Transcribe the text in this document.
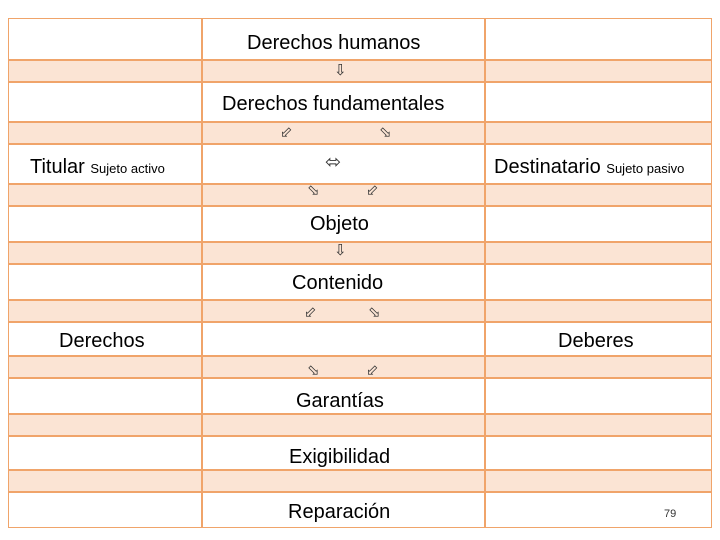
Derechos humanos
⇩
Derechos fundamentales
⬃	⬂
Titular Sujeto activo	⬄	Destinatario Sujeto pasivo
⬂	⬃
Objeto
⇩
Contenido
⬃	⬂
Derechos	Deberes
⬂	⬃
Garantías
Exigibilidad
Reparación	79
